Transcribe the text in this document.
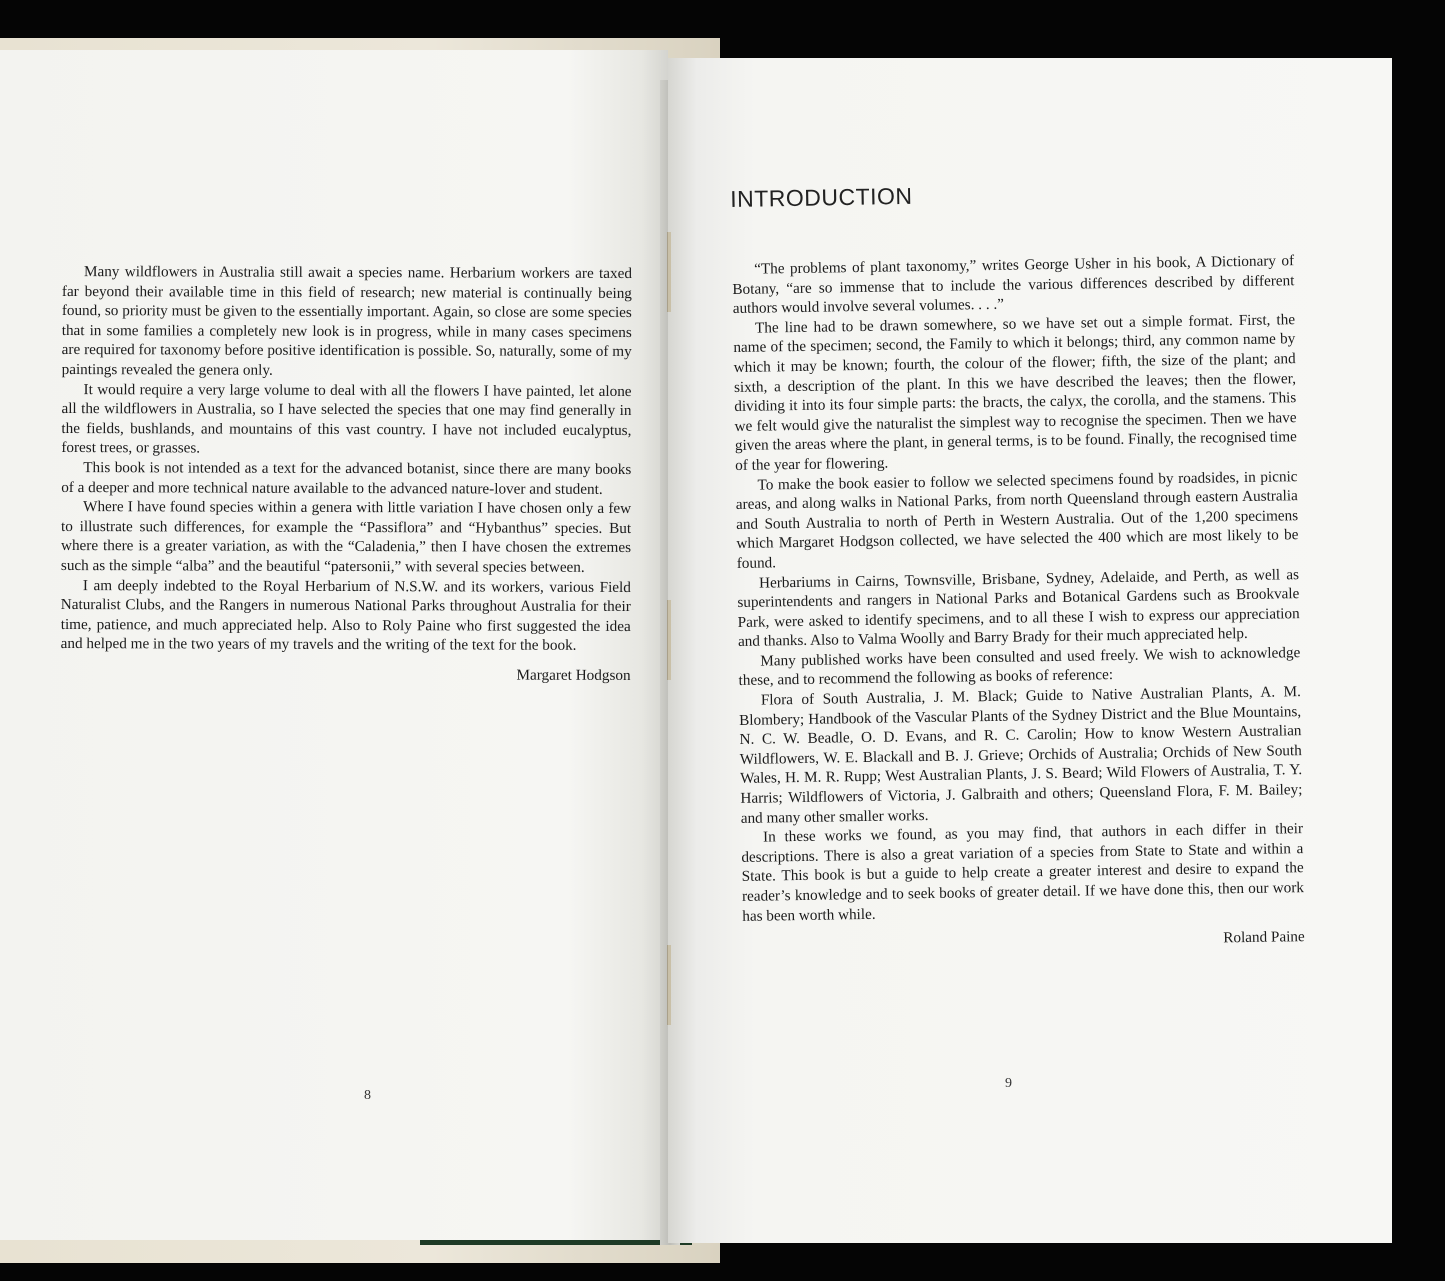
Many wildflowers in Australia still await a species name. Herbarium workers are taxed far beyond their available time in this field of research; new material is continually being found, so priority must be given to the essentially important. Again, so close are some species that in some families a completely new look is in progress, while in many cases specimens are required for taxonomy before positive identification is possible. So, naturally, some of my paintings revealed the genera only.

It would require a very large volume to deal with all the flowers I have painted, let alone all the wildflowers in Australia, so I have selected the species that one may find generally in the fields, bushlands, and mountains of this vast country. I have not included eucalyptus, forest trees, or grasses.

This book is not intended as a text for the advanced botanist, since there are many books of a deeper and more technical nature available to the advanced nature-lover and student.

Where I have found species within a genera with little variation I have chosen only a few to illustrate such differences, for example the “Passiflora” and “Hybanthus” species. But where there is a greater variation, as with the “Caladenia,” then I have chosen the extremes such as the simple “alba” and the beautiful “patersonii,” with several species between.

I am deeply indebted to the Royal Herbarium of N.S.W. and its workers, various Field Naturalist Clubs, and the Rangers in numerous National Parks throughout Australia for their time, patience, and much appreciated help. Also to Roly Paine who first suggested the idea and helped me in the two years of my travels and the writing of the text for the book.

Margaret Hodgson

8
INTRODUCTION

“The problems of plant taxonomy,” writes George Usher in his book, A Dictionary of Botany, “are so immense that to include the various differences described by different authors would involve several volumes. . . .”

The line had to be drawn somewhere, so we have set out a simple format. First, the name of the specimen; second, the Family to which it belongs; third, any common name by which it may be known; fourth, the colour of the flower; fifth, the size of the plant; and sixth, a description of the plant. In this we have described the leaves; then the flower, dividing it into its four simple parts: the bracts, the calyx, the corolla, and the stamens. This we felt would give the naturalist the simplest way to recognise the specimen. Then we have given the areas where the plant, in general terms, is to be found. Finally, the recognised time of the year for flowering.

To make the book easier to follow we selected specimens found by roadsides, in picnic areas, and along walks in National Parks, from north Queensland through eastern Australia and South Australia to north of Perth in Western Australia. Out of the 1,200 specimens which Margaret Hodgson collected, we have selected the 400 which are most likely to be found.

Herbariums in Cairns, Townsville, Brisbane, Sydney, Adelaide, and Perth, as well as superintendents and rangers in National Parks and Botanical Gardens such as Brookvale Park, were asked to identify specimens, and to all these I wish to express our appreciation and thanks. Also to Valma Woolly and Barry Brady for their much appreciated help.

Many published works have been consulted and used freely. We wish to acknowledge these, and to recommend the following as books of reference:

Flora of South Australia, J. M. Black; Guide to Native Australian Plants, A. M. Blombery; Handbook of the Vascular Plants of the Sydney District and the Blue Mountains, N. C. W. Beadle, O. D. Evans, and R. C. Carolin; How to know Western Australian Wildflowers, W. E. Blackall and B. J. Grieve; Orchids of Australia; Orchids of New South Wales, H. M. R. Rupp; West Australian Plants, J. S. Beard; Wild Flowers of Australia, T. Y. Harris; Wildflowers of Victoria, J. Galbraith and others; Queensland Flora, F. M. Bailey; and many other smaller works.

In these works we found, as you may find, that authors in each differ in their descriptions. There is also a great variation of a species from State to State and within a State. This book is but a guide to help create a greater interest and desire to expand the reader’s knowledge and to seek books of greater detail. If we have done this, then our work has been worth while.

Roland Paine

9
